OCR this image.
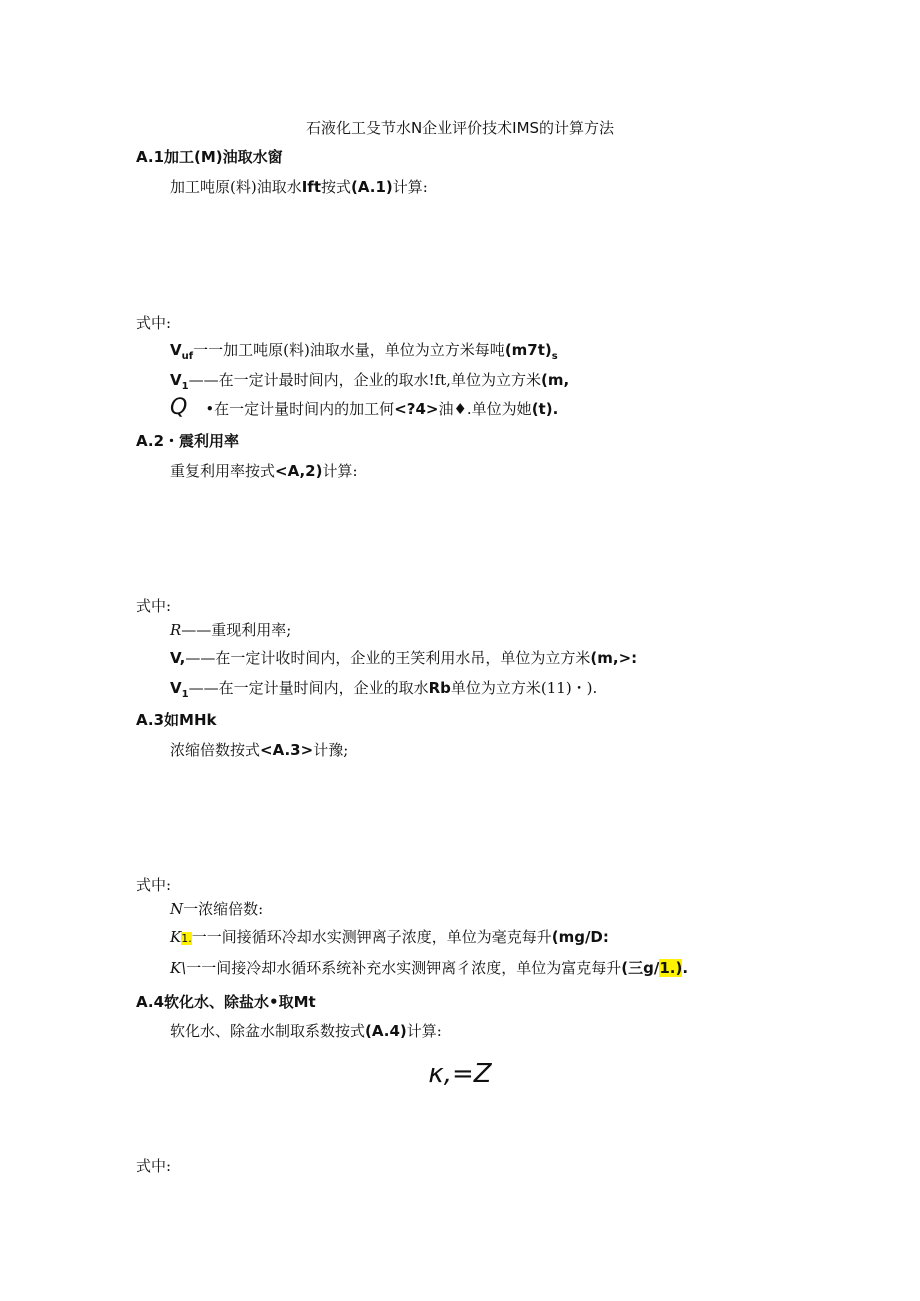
石液化工殳节水N企业评价技术IMS的计算方法
A.1加工(M)油取水窗
加工吨原(料)油取水Ift按式(A.1)计算:
式中:
$V_{uf}$一一加工吨原(料)油取水量，单位为立方米每吨$(m7t)_s$
$V_1——$在一定计最时间内，企业的取水!ft,单位为立方米(m,
Q •在一定计量时间内的加工何<?4>油♦.单位为她(t).
A.2・震利用率
重复利用率按式<A,2)计算:
式中:
R——重现利用率;
V,——在一定计收时间内，企业的王笑利用水吊，单位为立方米(m,>:
$V_1——$在一定计量时间内，企业的取水Rb单位为立方米(11)・).
A.3如MHk
浓缩倍数按式<A.3>计豫;
式中:
N一浓缩倍数:
K1.一一间接循环冷却水实测钾离子浓度，单位为毫克每升(mg/D:
K\一一间接冷却水循环系统补充水实测钾离彳浓度，单位为富克每升(三g/1.).
A.4软化水、除盐水•取Mt
软化水、除盆水制取系数按式(A.4)计算:
κ,=Z
式中:
